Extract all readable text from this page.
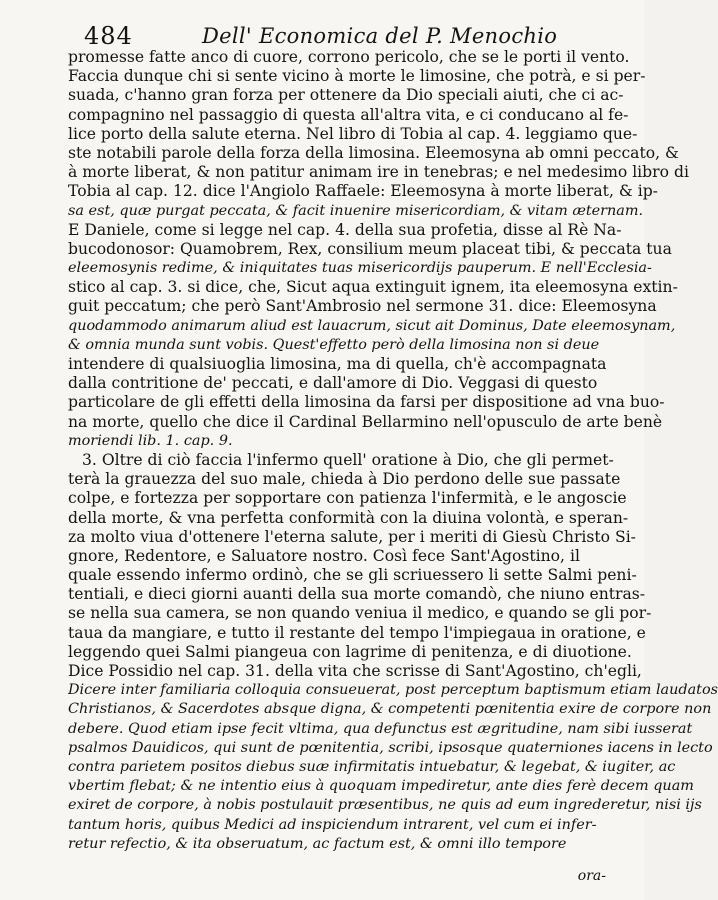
484	Dell' Economica del P. Menochio
promesse fatte anco di cuore, corrono pericolo, che se le porti il vento.
Faccia dunque chi si sente vicino à morte le limosine, che potrà, e si per-
suada, c'hanno gran forza per ottenere da Dio speciali aiuti, che ci ac-
compagnino nel passaggio di questa all'altra vita, e ci conducano al fe-
lice porto della salute eterna. Nel libro di Tobia al cap. 4. leggiamo que-
ste notabili parole della forza della limosina. Eleemosyna ab omni peccato, &
à morte liberat, & non patitur animam ire in tenebras; e nel medesimo libro di
Tobia al cap. 12. dice l'Angiolo Raffaele: Eleemosyna à morte liberat, & ip-
sa est, quæ purgat peccata, & facit inuenire misericordiam, & vitam æternam.
E Daniele, come si legge nel cap. 4. della sua profetia, disse al Rè Na-
bucodonosor: Quamobrem, Rex, consilium meum placeat tibi, & peccata tua
eleemosynis redime, & iniquitates tuas misericordijs pauperum. E nell'Ecclesia-
stico al cap. 3. si dice, che, Sicut aqua extinguit ignem, ita eleemosyna extin-
guit peccatum; che però Sant'Ambrosio nel sermone 31. dice: Eleemosyna
quodammodo animarum aliud est lauacrum, sicut ait Dominus, Date eleemosynam,
& omnia munda sunt vobis. Quest'effetto però della limosina non si deue
intendere di qualsiuoglia limosina, ma di quella, ch'è accompagnata
dalla contritione de' peccati, e dall'amore di Dio. Veggasi di questo
particolare de gli effetti della limosina da farsi per dispositione ad vna buo-
na morte, quello che dice il Cardinal Bellarmino nell'opusculo de arte benè
moriendi lib. 1. cap. 9.
3. Oltre di ciò faccia l'infermo quell' oratione à Dio, che gli permet-
terà la grauezza del suo male, chieda à Dio perdono delle sue passate
colpe, e fortezza per sopportare con patienza l'infermità, e le angoscie
della morte, & vna perfetta conformità con la diuina volontà, e speran-
za molto viua d'ottenere l'eterna salute, per i meriti di Giesù Christo Si-
gnore, Redentore, e Saluatore nostro. Così fece Sant'Agostino, il
quale essendo infermo ordinò, che se gli scriuessero li sette Salmi peni-
tentiali, e dieci giorni auanti della sua morte comandò, che niuno entras-
se nella sua camera, se non quando veniua il medico, e quando se gli por-
taua da mangiare, e tutto il restante del tempo l'impiegaua in oratione, e
leggendo quei Salmi piangeua con lagrime di penitenza, e di diuotione.
Dice Possidio nel cap. 31. della vita che scrisse di Sant'Agostino, ch'egli,
Dicere inter familiaria colloquia consueuerat, post perceptum baptismum etiam laudatos
Christianos, & Sacerdotes absque digna, & competenti pœnitentia exire de corpore non
debere. Quod etiam ipse fecit vltima, qua defunctus est ægritudine, nam sibi iusserat
psalmos Dauidicos, qui sunt de pœnitentia, scribi, ipsosque quaterniones iacens in lecto
contra parietem positos diebus suæ infirmitatis intuebatur, & legebat, & iugiter, ac
vbertim flebat; & ne intentio eius à quoquam impediretur, ante dies ferè decem quam
exiret de corpore, à nobis postulauit præsentibus, ne quis ad eum ingrederetur, nisi ijs
tantum horis, quibus Medici ad inspiciendum intrarent, vel cum ei infer-
retur refectio, & ita obseruatum, ac factum est, & omni illo tempore
ora-
